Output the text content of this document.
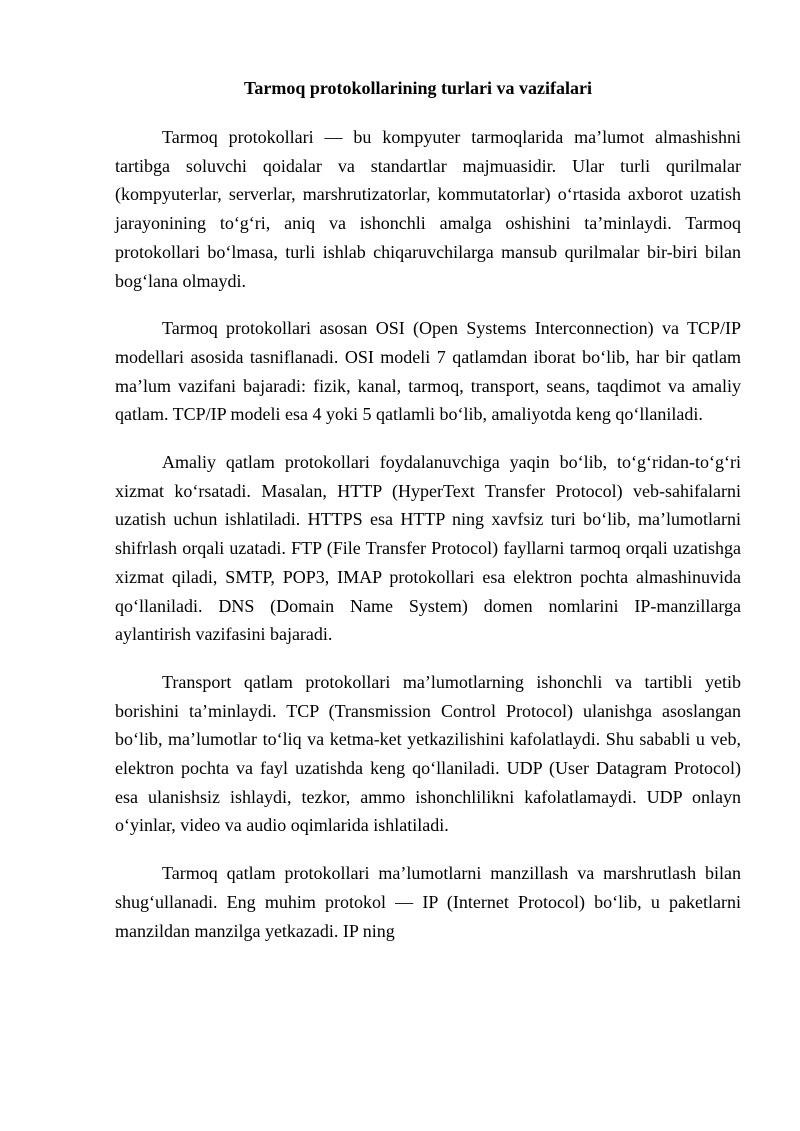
Tarmoq protokollarining turlari va vazifalari

Tarmoq protokollari — bu kompyuter tarmoqlarida ma’lumot almashishni tartibga soluvchi qoidalar va standartlar majmuasidir. Ular turli qurilmalar (kompyuterlar, serverlar, marshrutizatorlar, kommutatorlar) o‘rtasida axborot uzatish jarayonining to‘g‘ri, aniq va ishonchli amalga oshishini ta’minlaydi. Tarmoq protokollari bo‘lmasa, turli ishlab chiqaruvchilarga mansub qurilmalar bir-biri bilan bog‘lana olmaydi.

Tarmoq protokollari asosan OSI (Open Systems Interconnection) va TCP/IP modellari asosida tasniflanadi. OSI modeli 7 qatlamdan iborat bo‘lib, har bir qatlam ma’lum vazifani bajaradi: fizik, kanal, tarmoq, transport, seans, taqdimot va amaliy qatlam. TCP/IP modeli esa 4 yoki 5 qatlamli bo‘lib, amaliyotda keng qo‘llaniladi.

Amaliy qatlam protokollari foydalanuvchiga yaqin bo‘lib, to‘g‘ridan-to‘g‘ri xizmat ko‘rsatadi. Masalan, HTTP (HyperText Transfer Protocol) veb-sahifalarni uzatish uchun ishlatiladi. HTTPS esa HTTP ning xavfsiz turi bo‘lib, ma’lumotlarni shifrlash orqali uzatadi. FTP (File Transfer Protocol) fayllarni tarmoq orqali uzatishga xizmat qiladi, SMTP, POP3, IMAP protokollari esa elektron pochta almashinuvida qo‘llaniladi. DNS (Domain Name System) domen nomlarini IP-manzillarga aylantirish vazifasini bajaradi.

Transport qatlam protokollari ma’lumotlarning ishonchli va tartibli yetib borishini ta’minlaydi. TCP (Transmission Control Protocol) ulanishga asoslangan bo‘lib, ma’lumotlar to‘liq va ketma-ket yetkazilishini kafolatlaydi. Shu sababli u veb, elektron pochta va fayl uzatishda keng qo‘llaniladi. UDP (User Datagram Protocol) esa ulanishsiz ishlaydi, tezkor, ammo ishonchlilikni kafolatlamaydi. UDP onlayn o‘yinlar, video va audio oqimlarida ishlatiladi.

Tarmoq qatlam protokollari ma’lumotlarni manzillash va marshrutlash bilan shug‘ullanadi. Eng muhim protokol — IP (Internet Protocol) bo‘lib, u paketlarni manzildan manzilga yetkazadi. IP ning
